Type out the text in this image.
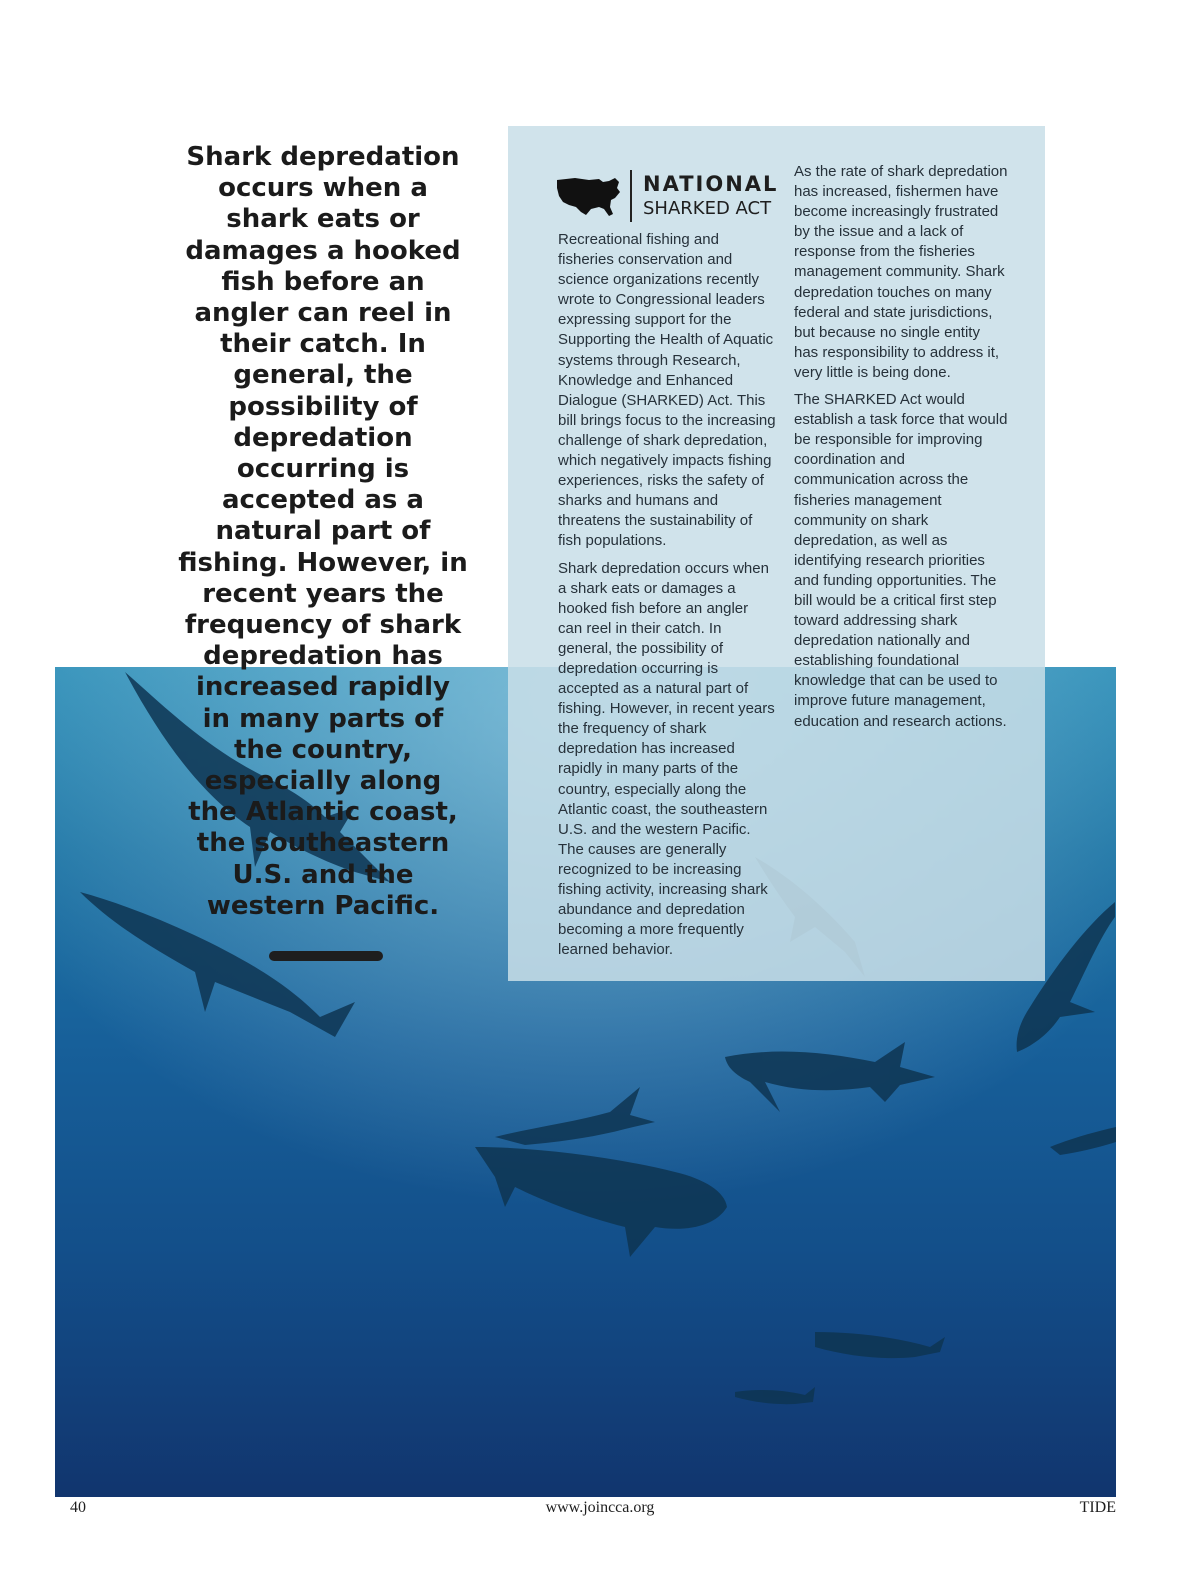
Shark depredation occurs when a shark eats or damages a hooked fish before an angler can reel in their catch. In general, the possibility of depredation occurring is accepted as a natural part of fishing. However, in recent years the frequency of shark depredation has increased rapidly in many parts of the country, especially along the Atlantic coast, the southeastern U.S. and the western Pacific.

NATIONAL
SHARKED ACT

Recreational fishing and fisheries conservation and science organizations recently wrote to Congressional leaders expressing support for the Supporting the Health of Aquatic systems through Research, Knowledge and Enhanced Dialogue (SHARKED) Act. This bill brings focus to the increasing challenge of shark depredation, which negatively impacts fishing experiences, risks the safety of sharks and humans and threatens the sustainability of fish populations.

Shark depredation occurs when a shark eats or damages a hooked fish before an angler can reel in their catch. In general, the possibility of depredation occurring is accepted as a natural part of fishing. However, in recent years the frequency of shark depredation has increased rapidly in many parts of the country, especially along the Atlantic coast, the southeastern U.S. and the western Pacific. The causes are generally recognized to be increasing fishing activity, increasing shark abundance and depredation becoming a more frequently learned behavior.

As the rate of shark depredation has increased, fishermen have become increasingly frustrated by the issue and a lack of response from the fisheries management community. Shark depredation touches on many federal and state jurisdictions, but because no single entity has responsibility to address it, very little is being done.

The SHARKED Act would establish a task force that would be responsible for improving coordination and communication across the fisheries management community on shark depredation, as well as identifying research priorities and funding opportunities. The bill would be a critical first step toward addressing shark depredation nationally and establishing foundational knowledge that can be used to improve future management, education and research actions.

40	www.joincca.org	TIDE
